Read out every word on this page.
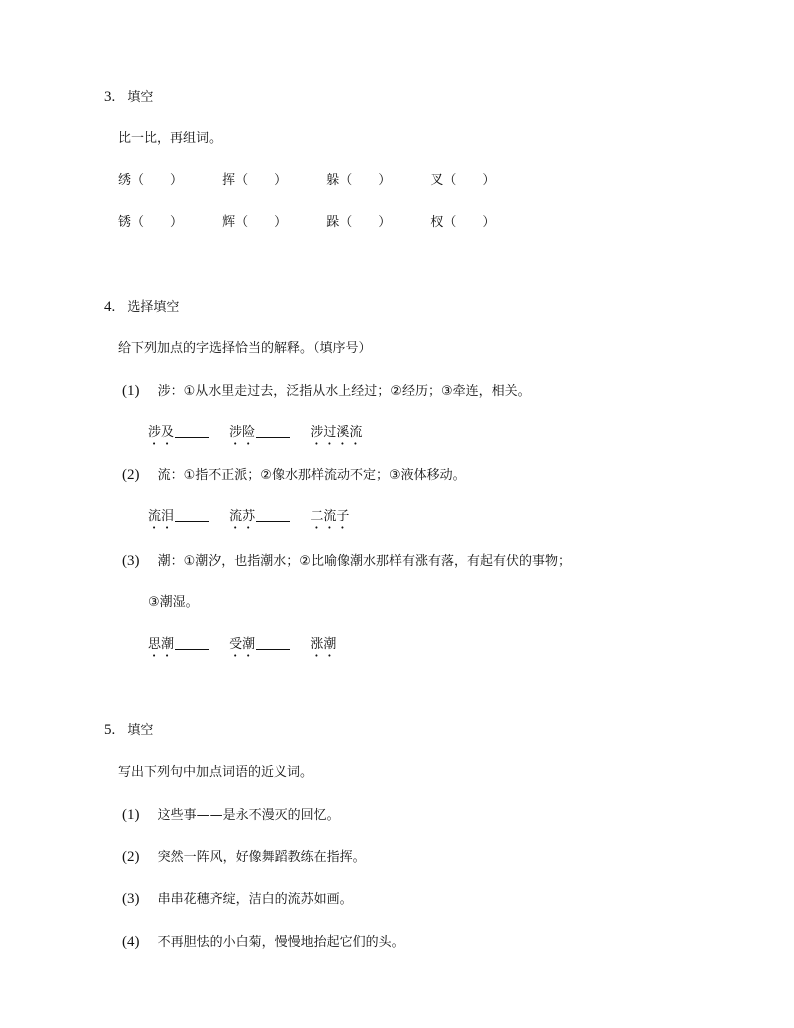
3. 填空
比一比，再组词。
绣（　　）	挥（　　）	躲（　　）	叉（　　）
锈（　　）	辉（　　）	跺（　　）	杈（　　）
4. 选择填空
给下列加点的字选择恰当的解释。（填序号）
(1) 涉：①从水里走过去，泛指从水上经过；②经历；③牵连，相关。
涉及	涉险	涉过溪流
(2) 流：①指不正派；②像水那样流动不定；③液体移动。
流泪	流苏	二流子
(3) 潮：①潮汐，也指潮水；②比喻像潮水那样有涨有落，有起有伏的事物；
③潮湿。
思潮	受潮	涨潮
5. 填空
写出下列句中加点词语的近义词。
(1) 这些事——是永不漫灭的回忆。
(2) 突然一阵风，好像舞蹈教练在指挥。
(3) 串串花穗齐绽，洁白的流苏如画。
(4) 不再胆怯的小白菊，慢慢地抬起它们的头。
